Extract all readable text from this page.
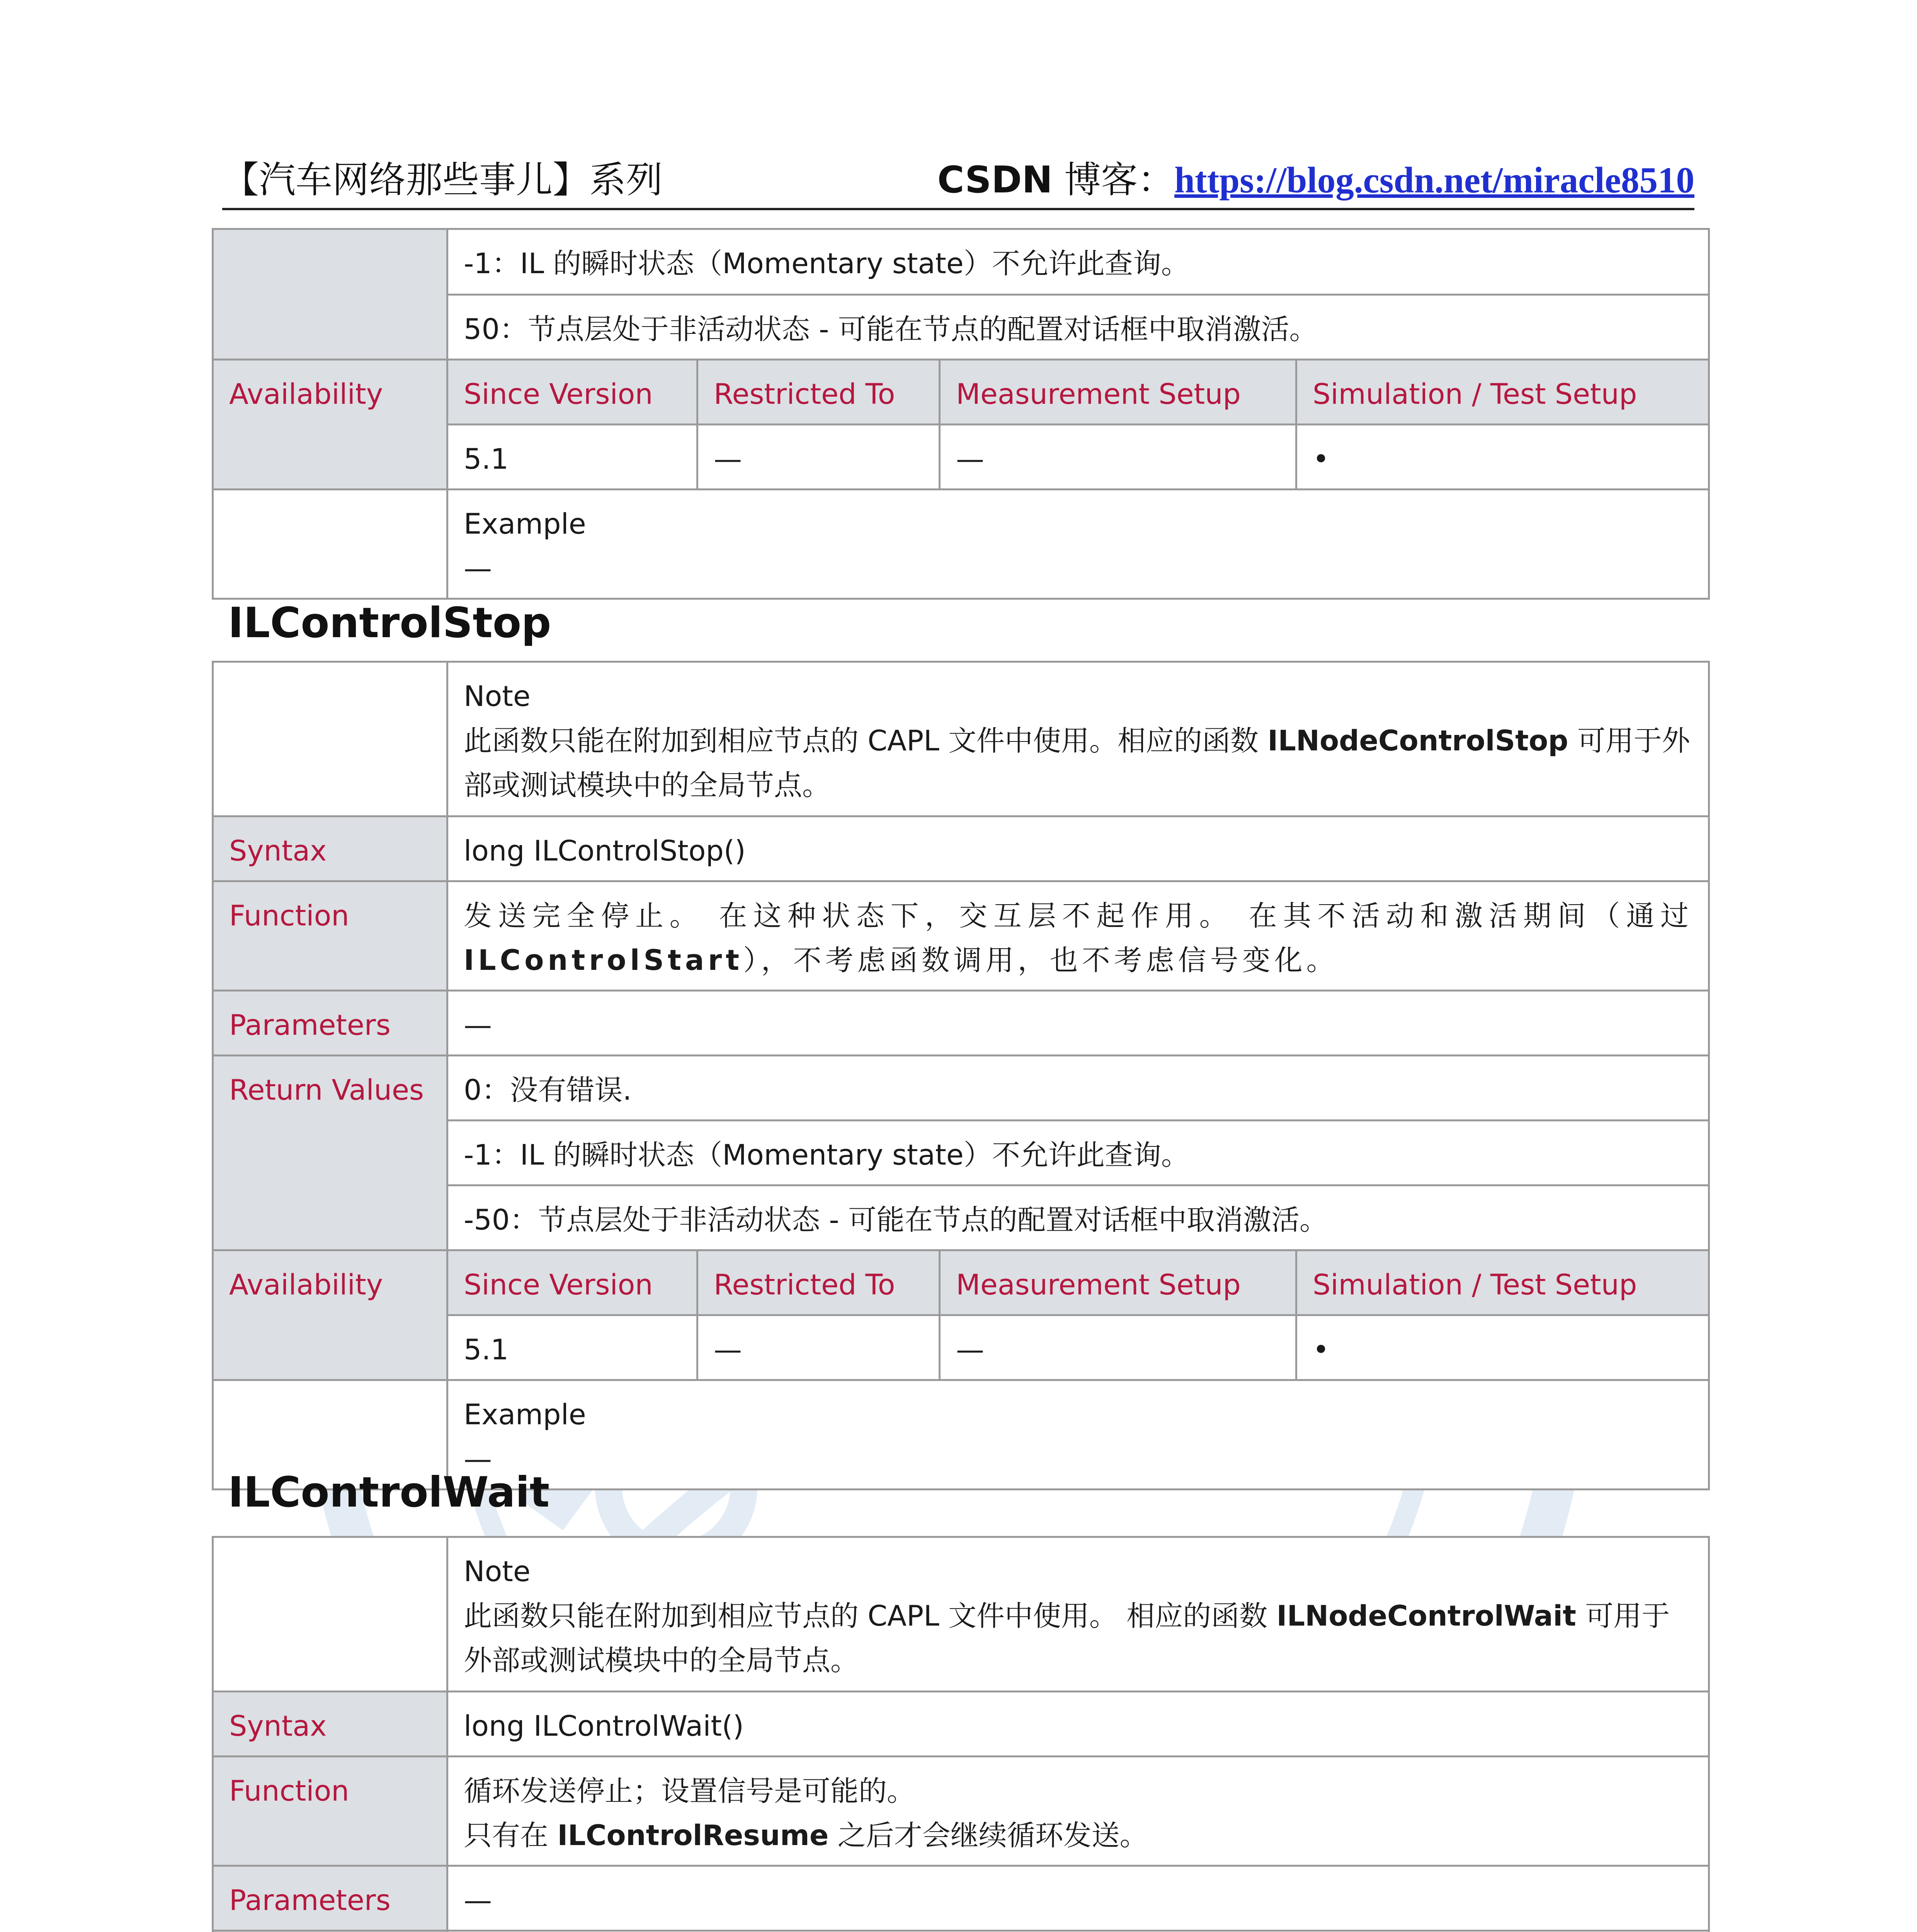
【汽车网络那些事儿】系列	CSDN 博客：https://blog.csdn.net/miracle8510
	-1：IL 的瞬时状态（Momentary state）不允许此查询。			
	50：节点层处于非活动状态 - 可能在节点的配置对话框中取消激活。			
Availability	Since Version	Restricted To	Measurement Setup	Simulation / Test Setup
	5.1	—	—	•

	Example
—			
ILControlStop

	Note
此函数只能在附加到相应节点的 CAPL 文件中使用。相应的函数 ILNodeControlStop 可用于外部或测试模块中的全局节点。			

Syntax	long ILControlStop()			
Function	发送完全停止。 在这种状态下，交互层不起作用。 在其不活动和激活期间（通过 ILControlStart），不考虑函数调用，也不考虑信号变化。			
Parameters	—			
Return Values	0：没有错误.			
	-1：IL 的瞬时状态（Momentary state）不允许此查询。			
	-50：节点层处于非活动状态 - 可能在节点的配置对话框中取消激活。			
Availability	Since Version	Restricted To	Measurement Setup	Simulation / Test Setup
	5.1	—	—	•

	Example
—			
ILControlWait

	Note
此函数只能在附加到相应节点的 CAPL 文件中使用。 相应的函数 ILNodeControlWait 可用于外部或测试模块中的全局节点。			

Syntax	long ILControlWait()			
Function	循环发送停止；设置信号是可能的。
只有在 ILControlResume 之后才会继续循环发送。			

Parameters	—			
